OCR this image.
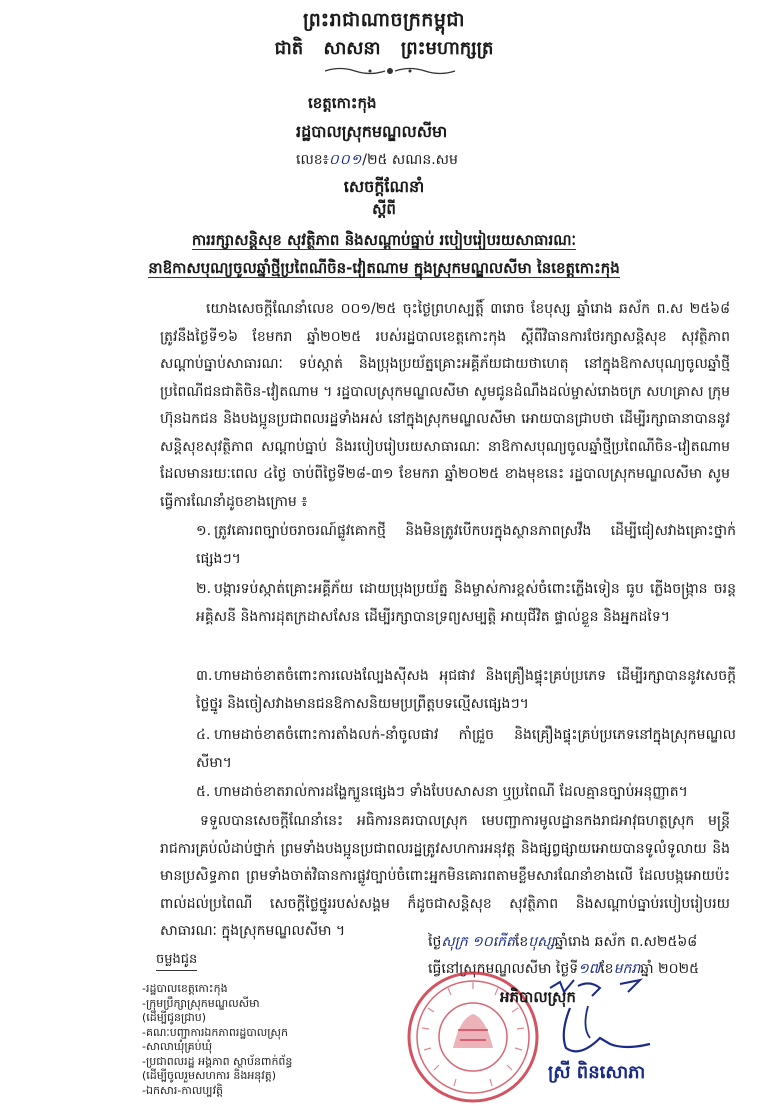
ព្រះរាជាណាចក្រកម្ពុជា
ជាតិ សាសនា ព្រះមហាក្សត្រ
ខេត្តកោះកុង
រដ្ឋបាលស្រុកមណ្ឌលសីមា
លេខ៖០០១/២៥ សណន.សម
សេចក្ដីណែនាំ
ស្ដីពី
ការរក្សាសន្តិសុខ សុវត្ថិភាព និងសណ្ដាប់ធ្នាប់ របៀបរៀបរយសាធារណៈ
នាឱកាសបុណ្យចូលឆ្នាំថ្មីប្រពៃណីចិន-វៀតណាម ក្នុងស្រុកមណ្ឌលសីមា នៃខេត្តកោះកុង
យោងសេចក្ដីណែនាំលេខ ០០១/២៥ ចុះថ្ងៃព្រហស្បត្តិ៍ ៣រោច ខែបុស្ស ឆ្នាំរោង ឆស័ក ព.ស ២៥៦៨ ត្រូវនឹងថ្ងៃទី១៦ ខែមករា ឆ្នាំ២០២៥ របស់រដ្ឋបាលខេត្តកោះកុង ស្ដីពីវិធានការថែរក្សាសន្តិសុខ សុវត្ថិភាព សណ្ដាប់ធ្នាប់សាធារណៈ ទប់ស្កាត់ និងប្រុងប្រយ័ត្នគ្រោះអគ្គីភ័យជាយថាហេតុ នៅក្នុងឱកាសបុណ្យចូលឆ្នាំថ្មី ប្រពៃណីជនជាតិចិន-វៀតណាម ។ រដ្ឋបាលស្រុកមណ្ឌលសីមា សូមជូនដំណឹងដល់ម្ចាស់រោងចក្រ សហគ្រាស ក្រុមហ៊ុនឯកជន និងបងប្អូនប្រជាពលរដ្ឋទាំងអស់ នៅក្នុងស្រុកមណ្ឌលសីមា អោយបានជ្រាបថា ដើម្បីរក្សាធានាបាននូវសន្តិសុខសុវត្ថិភាព សណ្ដាប់ធ្នាប់ និងរបៀបរៀបរយសាធារណៈ នាឱកាសបុណ្យចូលឆ្នាំថ្មីប្រពៃណីចិន-វៀតណាម ដែលមានរយៈពេល ៤ថ្ងៃ ចាប់ពីថ្ងៃទី២៨-៣១ ខែមករា ឆ្នាំ២០២៥ ខាងមុខនេះ រដ្ឋបាលស្រុកមណ្ឌលសីមា សូមធ្វើការណែនាំដូចខាងក្រោម ៖
១. ត្រូវគោរពច្បាប់ចរាចរណ៍ផ្លូវគោកថ្មី និងមិនត្រូវបើកបរក្នុងស្ថានភាពស្រវឹង ដើម្បីជៀសវាងគ្រោះថ្នាក់ផ្សេងៗ។
២. បង្ការទប់ស្កាត់គ្រោះអគ្គីភ័យ ដោយប្រុងប្រយ័ត្ន និងម្ចាស់ការខ្ពស់ចំពោះភ្លើងទៀន ធូប ភ្លើងចង្ក្រាន ចរន្តអគ្គិសនី និងការដុតក្រដាសសែន ដើម្បីរក្សាបានទ្រព្យសម្បត្តិ អាយុជីវិត ផ្ទាល់ខ្លួន និងអ្នកដទៃ។
៣. ហាមដាច់ខាតចំពោះការលេងល្បែងស៊ីសង អុជផាវ និងគ្រឿងផ្ទុះគ្រប់ប្រភេទ ដើម្បីរក្សាបាននូវសេចក្ដីថ្លៃថ្នូរ និងចៀសវាងមានជនឱកាសនិយមប្រព្រឹត្តបទល្មើសផ្សេងៗ។
៤. ហាមដាច់ខាតចំពោះការតាំងលក់-នាំចូលផាវ កាំជ្រួច និងគ្រឿងផ្ទុះគ្រប់ប្រភេទនៅក្នុងស្រុកមណ្ឌលសីមា។
៥. ហាមដាច់ខាតរាល់ការដង្ហែក្បួនផ្សេងៗ ទាំងបែបសាសនា ឬប្រពៃណី ដែលគ្មានច្បាប់អនុញ្ញាត។
ទទួលបានសេចក្ដីណែនាំនេះ អធិការនគរបាលស្រុក មេបញ្ជាការមូលដ្ឋានកងរាជអាវុធហត្ថស្រុក មន្ត្រីរាជការគ្រប់លំដាប់ថ្នាក់ ព្រមទាំងបងប្អូនប្រជាពលរដ្ឋត្រូវសហការអនុវត្ត និងផ្សព្វផ្សាយអោយបានទូលំទូលាយ និងមានប្រសិទ្ធភាព ព្រមទាំងចាត់វិធានការផ្លូវច្បាប់ចំពោះអ្នកមិនគោរពតាមខ្លឹមសារណែនាំខាងលើ ដែលបង្កអោយប៉ះពាល់ដល់ប្រពៃណី សេចក្ដីថ្លៃថ្នូររបស់សង្គម ក៏ដូចជាសន្តិសុខ សុវត្ថិភាព និងសណ្ដាប់ធ្នាប់របៀបរៀបរយសាធារណៈ ក្នុងស្រុកមណ្ឌលសីមា ។
ថ្ងៃសុក្រ ១០កើតខែបុស្សឆ្នាំរោង ឆស័ក ព.ស២៥៦៨
ធ្វើនៅស្រុកមណ្ឌលសីមា ថ្ងៃទី១៧ខែមករាឆ្នាំ ២០២៥
ចម្លងជូន
-រដ្ឋបាលខេត្តកោះកុង
-ក្រុមប្រឹក្សាស្រុកមណ្ឌលសីមា
(ដើម្បីជូនជ្រាប)
-គណៈបញ្ជាការឯកភាពរដ្ឋបាលស្រុក
-សាលាឃុំគ្រប់ឃុំ
-ប្រជាពលរដ្ឋ អង្គភាព ស្ថាប័នពាក់ព័ន្ធ
(ដើម្បីចូលរួមសហការ និងអនុវត្ត)
-ឯកសារ-កាលប្បវត្តិ
អភិបាលស្រុក
ស្រី ពិនសោភា
